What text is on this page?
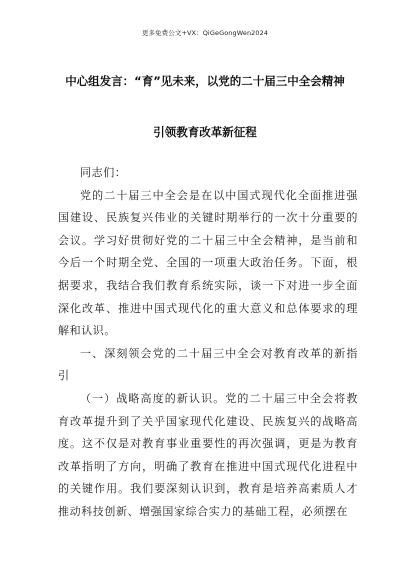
更多免费公文+VX：QiGeGongWen2024
中心组发言：“育”见未来，以党的二十届三中全会精神
引领教育改革新征程

同志们：

党的二十届三中全会是在以中国式现代化全面推进强国建设、民族复兴伟业的关键时期举行的一次十分重要的会议。学习好贯彻好党的二十届三中全会精神，是当前和今后一个时期全党、全国的一项重大政治任务。下面，根据要求，我结合我们教育系统实际，谈一下对进一步全面深化改革、推进中国式现代化的重大意义和总体要求的理解和认识。

一、深刻领会党的二十届三中全会对教育改革的新指引

（一）战略高度的新认识。党的二十届三中全会将教育改革提升到了关乎国家现代化建设、民族复兴的战略高度。这不仅是对教育事业重要性的再次强调，更是为教育改革指明了方向，明确了教育在推进中国式现代化进程中的关键作用。我们要深刻认识到，教育是培养高素质人才推动科技创新、增强国家综合实力的基础工程，必须摆在
